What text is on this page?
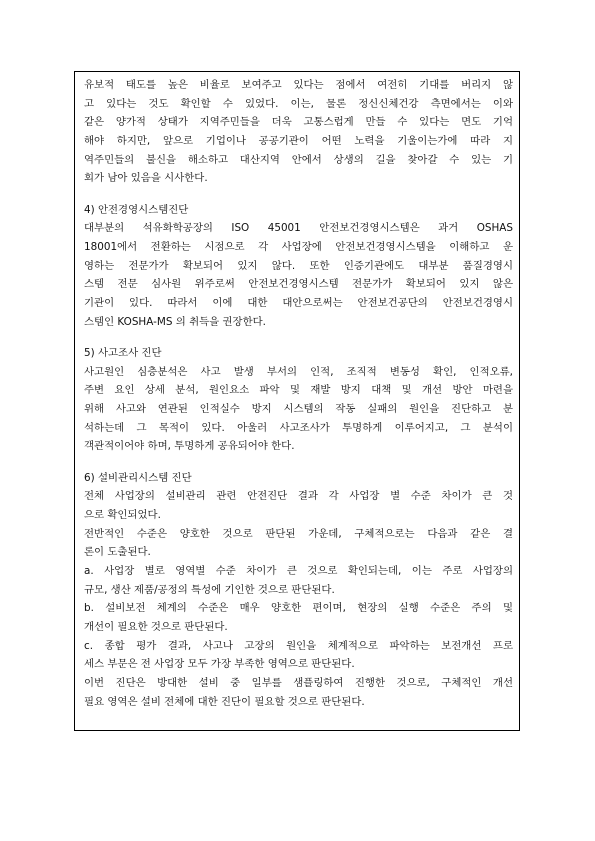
유보적 태도를 높은 비율로 보여주고 있다는 점에서 여전히 기대를 버리지 않
고 있다는 것도 확인할 수 있었다. 이는, 물론 정신신체건강 측면에서는 이와
같은 양가적 상태가 지역주민들을 더욱 고통스럽게 만들 수 있다는 면도 기억
해야 하지만, 앞으로 기업이나 공공기관이 어떤 노력을 기울이는가에 따라 지
역주민들의 불신을 해소하고 대산지역 안에서 상생의 길을 찾아갈 수 있는 기
회가 남아 있음을 시사한다.
4) 안전경영시스템진단
대부분의 석유화학공장의 ISO 45001 안전보건경영시스템은 과거 OSHAS
18001에서 전환하는 시점으로 각 사업장에 안전보건경영시스템을 이해하고 운
영하는 전문가가 확보되어 있지 않다. 또한 인증기관에도 대부분 품질경영시
스템 전문 심사원 위주로써 안전보건경영시스템 전문가가 확보되어 있지 않은
기관이 있다. 따라서 이에 대한 대안으로써는 안전보건공단의 안전보건경영시
스템인 KOSHA-MS 의 취득을 권장한다.
5) 사고조사 진단
사고원인 심층분석은 사고 발생 부서의 인적, 조직적 변동성 확인, 인적오류,
주변 요인 상세 분석, 원인요소 파악 및 재발 방지 대책 및 개선 방안 마련을
위해 사고와 연관된 인적실수 방지 시스템의 작동 실패의 원인을 진단하고 분
석하는데 그 목적이 있다. 아울러 사고조사가 투명하게 이루어지고, 그 분석이
객관적이어야 하며, 투명하게 공유되어야 한다.
6) 설비관리시스템 진단
전체 사업장의 설비관리 관련 안전진단 결과 각 사업장 별 수준 차이가 큰 것
으로 확인되었다.
전반적인 수준은 양호한 것으로 판단된 가운데, 구체적으로는 다음과 같은 결
론이 도출된다.
a. 사업장 별로 영역별 수준 차이가 큰 것으로 확인되는데, 이는 주로 사업장의
규모, 생산 제품/공정의 특성에 기인한 것으로 판단된다.
b. 설비보전 체계의 수준은 매우 양호한 편이며, 현장의 실행 수준은 주의 및
개선이 필요한 것으로 판단된다.
c. 종합 평가 결과, 사고나 고장의 원인을 체계적으로 파악하는 보전개선 프로
세스 부문은 전 사업장 모두 가장 부족한 영역으로 판단된다.
이번 진단은 방대한 설비 중 일부를 샘플링하여 진행한 것으로, 구체적인 개선
필요 영역은 설비 전체에 대한 진단이 필요할 것으로 판단된다.
